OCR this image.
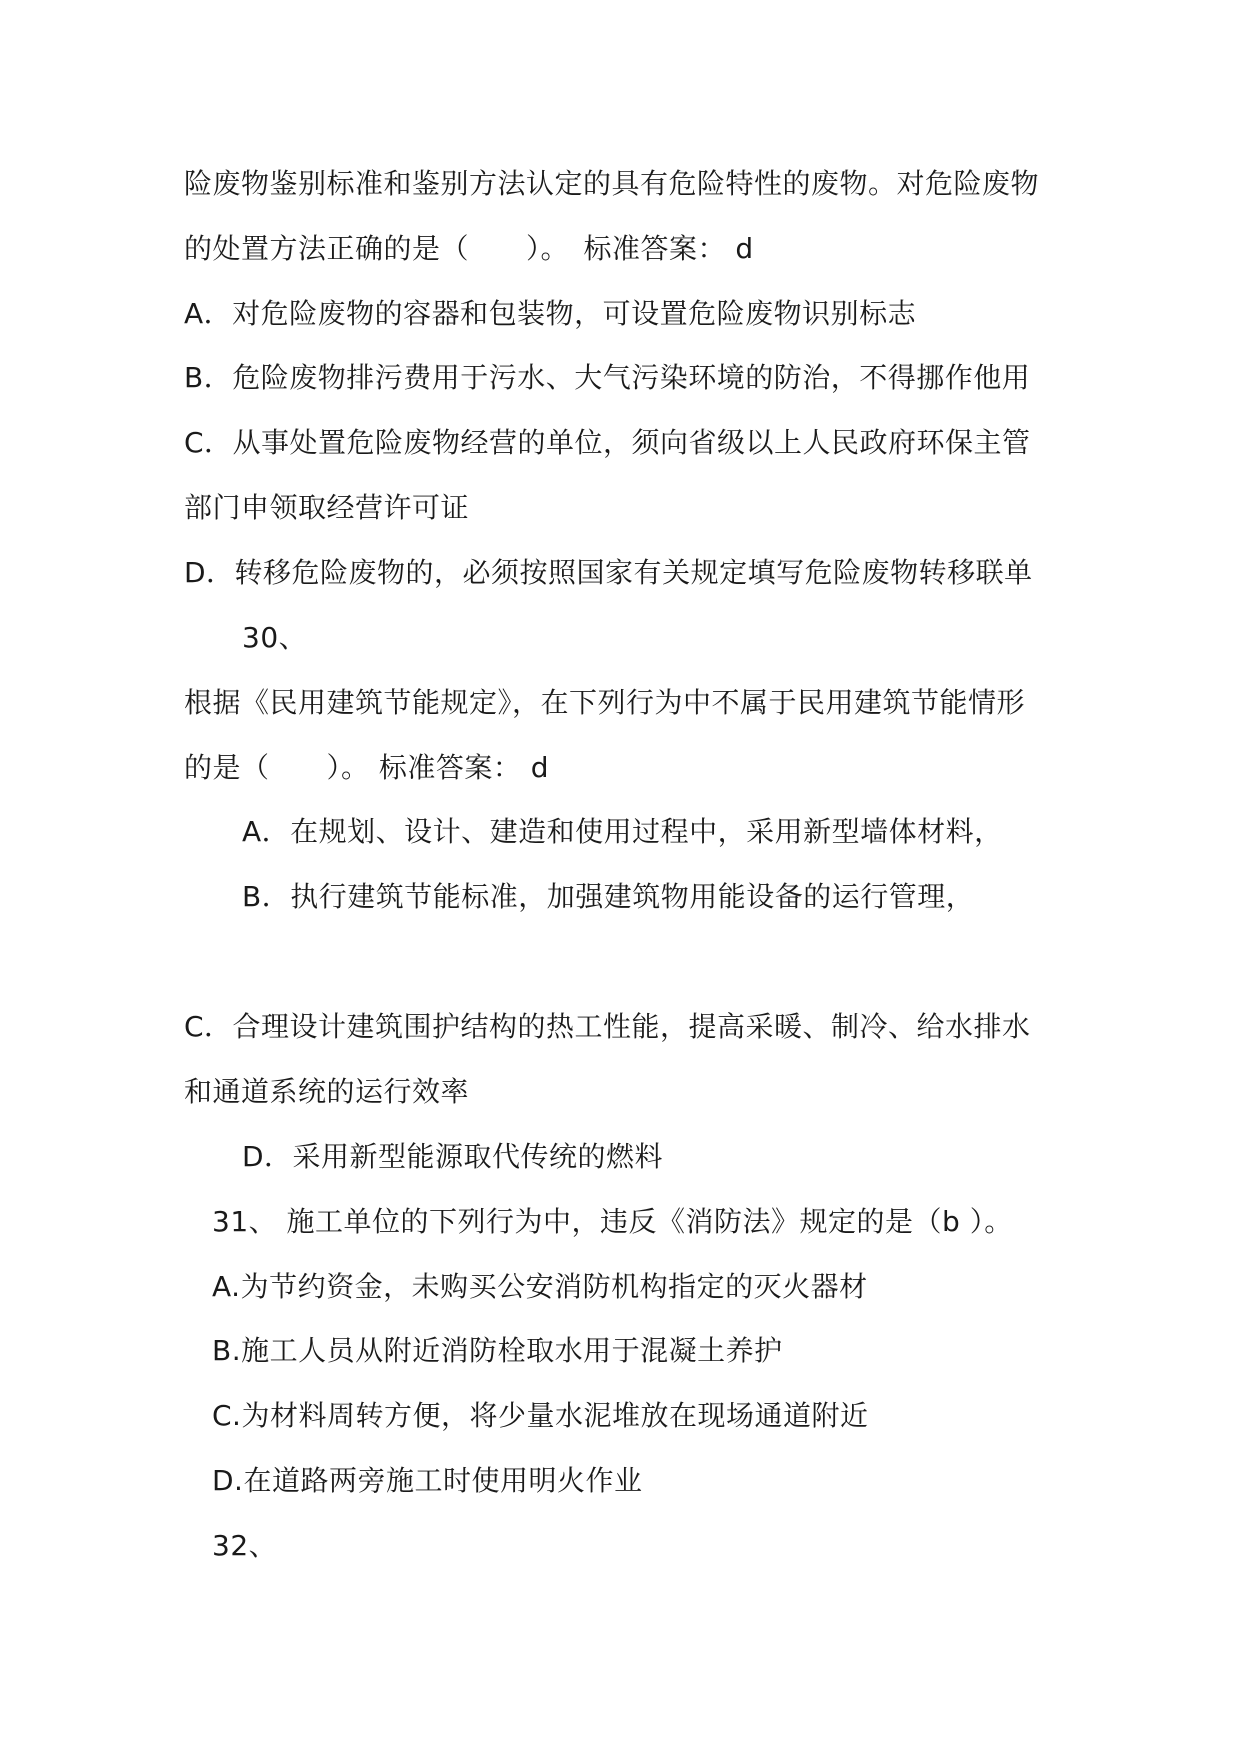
险废物鉴别标准和鉴别方法认定的具有危险特性的废物。对危险废物
的处置方法正确的是（　　）。　标准答案： d
A．对危险废物的容器和包装物，可设置危险废物识别标志
B．危险废物排污费用于污水、大气污染环境的防治，不得挪作他用
C．从事处置危险废物经营的单位，须向省级以上人民政府环保主管
部门申领取经营许可证
D．转移危险废物的，必须按照国家有关规定填写危险废物转移联单
30、
根据《民用建筑节能规定》，在下列行为中不属于民用建筑节能情形
的是（　　）。 标准答案： d
A．在规划、设计、建造和使用过程中，采用新型墙体材料，
B．执行建筑节能标准，加强建筑物用能设备的运行管理，
C．合理设计建筑围护结构的热工性能，提高采暖、制冷、给水排水
和通道系统的运行效率
D．采用新型能源取代传统的燃料
31、 施工单位的下列行为中，违反《消防法》规定的是（b ）。
A.为节约资金，未购买公安消防机构指定的灭火器材
B.施工人员从附近消防栓取水用于混凝土养护
C.为材料周转方便，将少量水泥堆放在现场通道附近
D.在道路两旁施工时使用明火作业
32、
